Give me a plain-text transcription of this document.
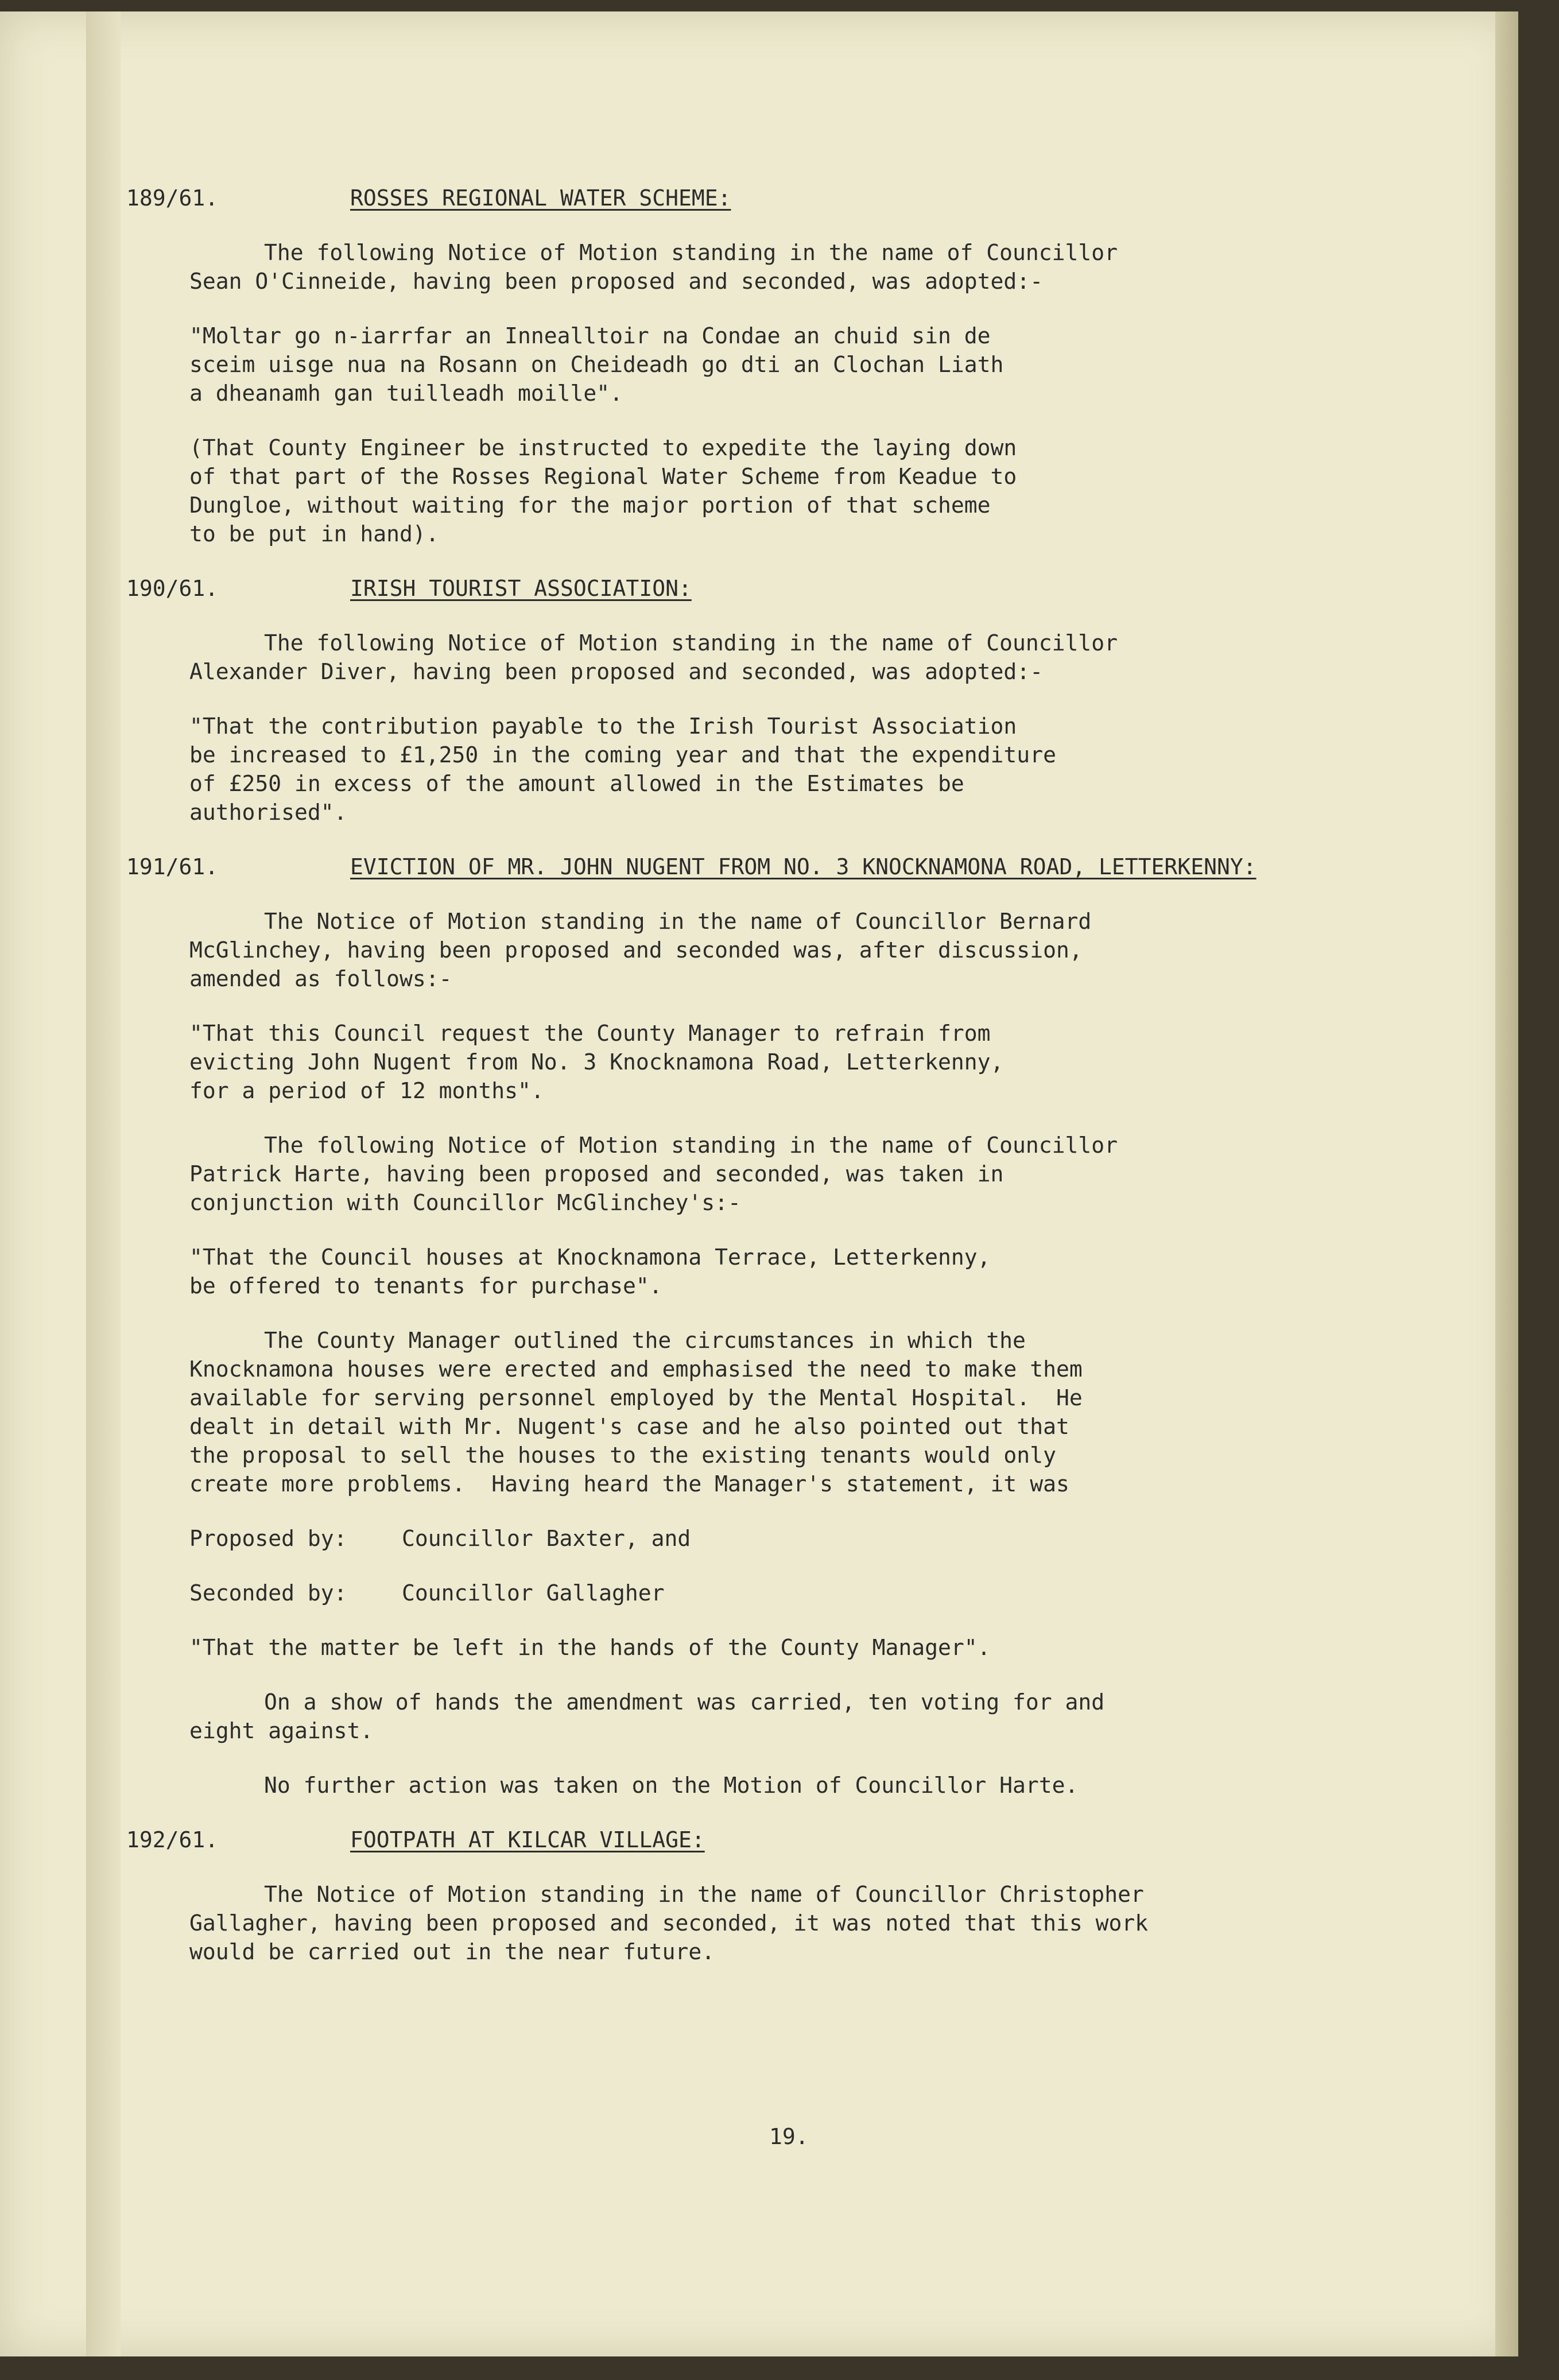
189/61.	ROSSES REGIONAL WATER SCHEME:

The following Notice of Motion standing in the name of Councillor
Sean O'Cinneide, having been proposed and seconded, was adopted:-

"Moltar go n-iarrfar an Innealltoir na Condae an chuid sin de
sceim uisge nua na Rosann on Cheideadh go dti an Clochan Liath
a dheanamh gan tuilleadh moille".

(That County Engineer be instructed to expedite the laying down
of that part of the Rosses Regional Water Scheme from Keadue to
Dungloe, without waiting for the major portion of that scheme
to be put in hand).

190/61.	IRISH TOURIST ASSOCIATION:

The following Notice of Motion standing in the name of Councillor
Alexander Diver, having been proposed and seconded, was adopted:-

"That the contribution payable to the Irish Tourist Association
be increased to £1,250 in the coming year and that the expenditure
of £250 in excess of the amount allowed in the Estimates be
authorised".

191/61.	EVICTION OF MR. JOHN NUGENT FROM NO. 3 KNOCKNAMONA ROAD, LETTERKENNY:

The Notice of Motion standing in the name of Councillor Bernard
McGlinchey, having been proposed and seconded was, after discussion,
amended as follows:-

"That this Council request the County Manager to refrain from
evicting John Nugent from No. 3 Knocknamona Road, Letterkenny,
for a period of 12 months".

The following Notice of Motion standing in the name of Councillor
Patrick Harte, having been proposed and seconded, was taken in
conjunction with Councillor McGlinchey's:-

"That the Council houses at Knocknamona Terrace, Letterkenny,
be offered to tenants for purchase".

The County Manager outlined the circumstances in which the
Knocknamona houses were erected and emphasised the need to make them
available for serving personnel employed by the Mental Hospital.  He
dealt in detail with Mr. Nugent's case and he also pointed out that
the proposal to sell the houses to the existing tenants would only
create more problems.  Having heard the Manager's statement, it was

Proposed by:	Councillor Baxter, and

Seconded by:	Councillor Gallagher

"That the matter be left in the hands of the County Manager".

On a show of hands the amendment was carried, ten voting for and
eight against.

No further action was taken on the Motion of Councillor Harte.

192/61.	FOOTPATH AT KILCAR VILLAGE:

The Notice of Motion standing in the name of Councillor Christopher
Gallagher, having been proposed and seconded, it was noted that this work
would be carried out in the near future.

19.
